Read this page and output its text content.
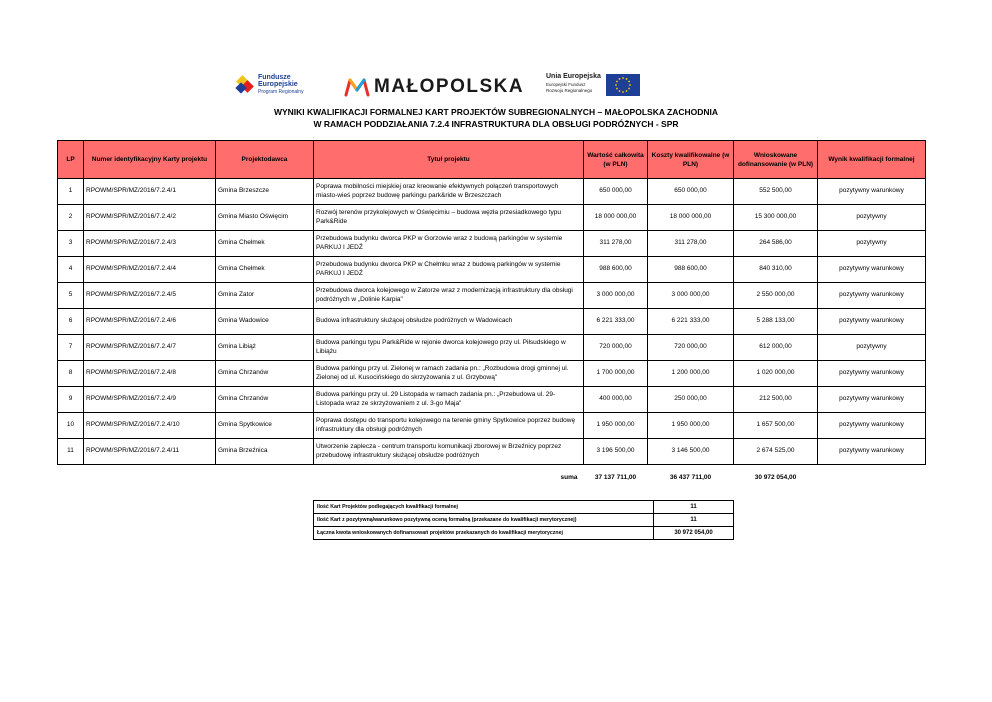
Fundusze
Europejskie
Program Regionalny	MAŁOPOLSKA	Unia Europejska
Europejski Fundusz
Rozwoju Regionalnego
WYNIKI KWALIFIKACJI FORMALNEJ KART PROJEKTÓW SUBREGIONALNYCH – MAŁOPOLSKA ZACHODNIA
W RAMACH PODDZIAŁANIA 7.2.4 INFRASTRUKTURA DLA OBSŁUGI PODRÓŻNYCH - SPR
LP	Numer identyfikacyjny Karty projektu	Projektodawca	Tytuł projektu	Wartość całkowita (w PLN)	Koszty kwalifikowalne (w PLN)	Wnioskowane dofinansowanie (w PLN)	Wynik kwalifikacji formalnej
1	RPOWM/SPR/MZ/2016/7.2.4/1	Gmina Brzeszcze	Poprawa mobilności miejskiej oraz kreowanie efektywnych połączeń transportowych miasto-wieś poprzez budowę parkingu park&ride w Brzeszczach	650 000,00	650 000,00	552 500,00	pozytywny warunkowy
2	RPOWM/SPR/MZ/2016/7.2.4/2	Gmina Miasto Oświęcim	Rozwój terenów przykolejowych w Oświęcimiu – budowa węzła przesiadkowego typu Park&Ride	18 000 000,00	18 000 000,00	15 300 000,00	pozytywny
3	RPOWM/SPR/MZ/2016/7.2.4/3	Gmina Chełmek	Przebudowa budynku dworca PKP w Gorzowie wraz z budową parkingów w systemie PARKUJ I JEDŹ	311 278,00	311 278,00	264 586,00	pozytywny
4	RPOWM/SPR/MZ/2016/7.2.4/4	Gmina Chełmek	Przebudowa budynku dworca PKP w Chełmku wraz z budową parkingów w systemie PARKUJ I JEDŹ	988 600,00	988 600,00	840 310,00	pozytywny warunkowy
5	RPOWM/SPR/MZ/2016/7.2.4/5	Gmina Zator	Przebudowa dworca kolejowego w Zatorze wraz z modernizacją infrastruktury dla obsługi podróżnych w „Dolinie Karpia"	3 000 000,00	3 000 000,00	2 550 000,00	pozytywny warunkowy
6	RPOWM/SPR/MZ/2016/7.2.4/6	Gmina Wadowice	Budowa infrastruktury służącej obsłudze podróżnych w Wadowicach	6 221 333,00	6 221 333,00	5 288 133,00	pozytywny warunkowy
7	RPOWM/SPR/MZ/2016/7.2.4/7	Gmina Libiąż	Budowa parkingu typu Park&Ride w rejonie dworca kolejowego przy ul. Piłsudskiego w Libiążu	720 000,00	720 000,00	612 000,00	pozytywny
8	RPOWM/SPR/MZ/2016/7.2.4/8	Gmina Chrzanów	Budowa parkingu przy ul. Zielonej w ramach zadania pn.: „Rozbudowa drogi gminnej ul. Zielonej od ul. Kusocińskiego do skrzyżowania z ul. Grzybową"	1 700 000,00	1 200 000,00	1 020 000,00	pozytywny warunkowy
9	RPOWM/SPR/MZ/2016/7.2.4/9	Gmina Chrzanów	Budowa parkingu przy ul. 29 Listopada w ramach zadania pn.: „Przebudowa ul. 29-Listopada wraz ze skrzyżowaniem z ul. 3-go Maja"	400 000,00	250 000,00	212 500,00	pozytywny warunkowy
10	RPOWM/SPR/MZ/2016/7.2.4/10	Gmina Spytkowice	Poprawa dostępu do transportu kolejowego na terenie gminy Spytkowice poprzez budowę infrastruktury dla obsługi podróżnych	1 950 000,00	1 950 000,00	1 657 500,00	pozytywny warunkowy
11	RPOWM/SPR/MZ/2016/7.2.4/11	Gmina Brzeźnica	Utworzenie zaplecza - centrum transportu komunikacji zborowej w Brzeźnicy poprzez przebudowę infrastruktury służącej obsłudze podróżnych	3 196 500,00	3 146 500,00	2 674 525,00	pozytywny warunkowy
			suma	37 137 711,00	36 437 711,00	30 972 054,00	
Ilość Kart Projektów podlegających kwalifikacji formalnej	11
Ilość Kart z pozytywną/warunkowo pozytywną oceną formalną (przekazane do kwalifikacji merytorycznej)	11
Łączna kwota wnioskowanych dofinansowań projektów przekazanych do kwalifikacji merytorycznej	30 972 054,00
